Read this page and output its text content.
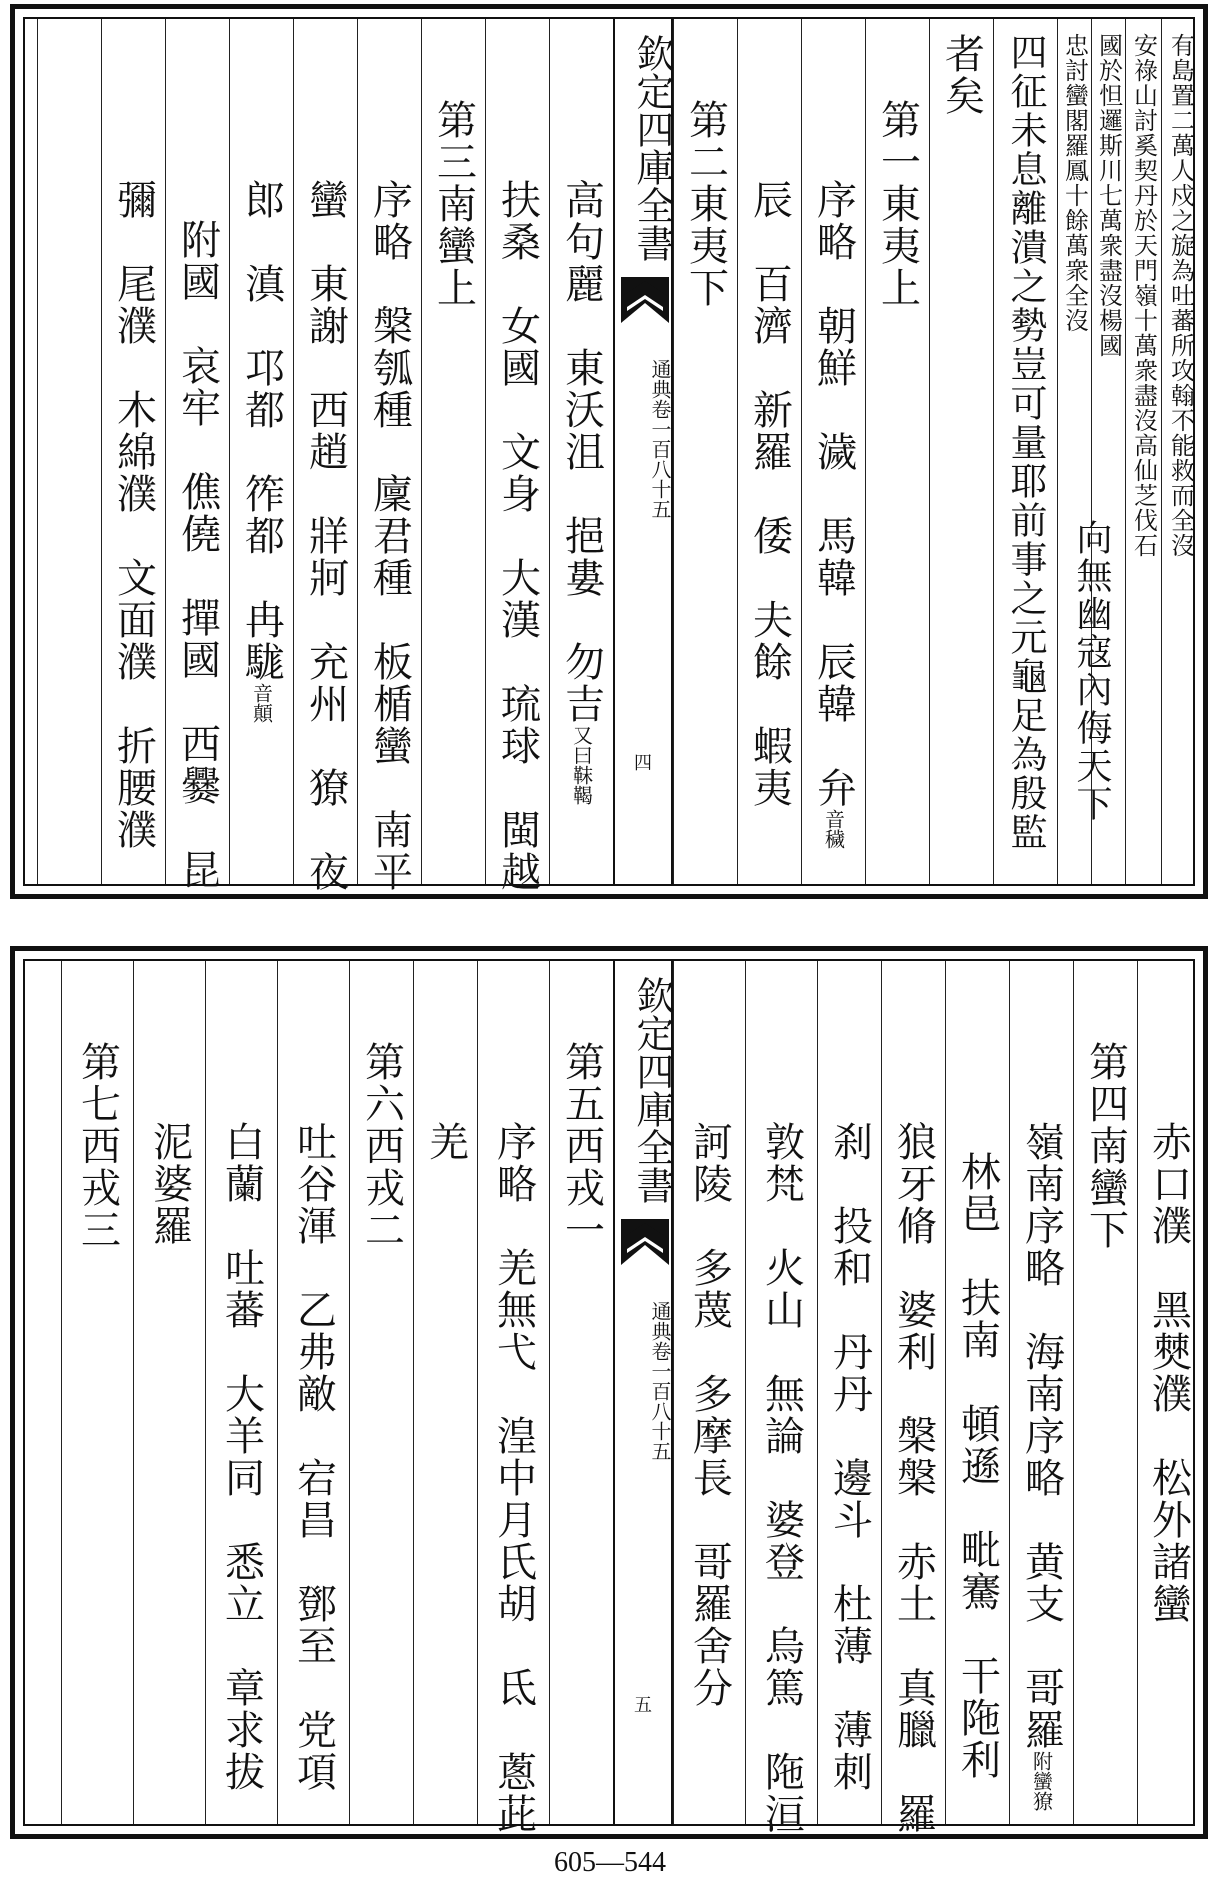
有島置二萬人戍之旋為吐蕃所攻翰不能救而全沒
安祿山討奚契丹於天門嶺十萬衆盡沒高仙芝伐石
國於怛邏斯川七萬衆盡沒楊國
忠討蠻閣羅鳳十餘萬衆全沒
向無幽寇內侮天下
四征未息離潰之勢豈可量耶前事之元龜足為殷監
者矣
第一東夷上
序略　朝鮮　濊　馬韓　辰韓　弁
音穢
辰　百濟　新羅　倭　夫餘　蝦夷
第二東夷下
欽定四庫全書
通典
卷一百八十五
四
高句麗　東沃沮　挹婁　勿吉
又曰靺鞨
扶桑　女國　文身　大漢　琉球　閩越
第三南蠻上
序略　槃瓠種　廩君種　板楯蠻　南平
蠻　東謝　西趙　牂牁　充州　獠　夜
郎　滇　邛都　筰都　冉駹
音顛
附國　哀牢　僬僥　撣國　西爨　昆
彌　尾濮　木綿濮　文面濮　折腰濮
赤口濮　黑僰濮　松外諸蠻
第四南蠻下
嶺南序略　海南序略　黄支　哥羅
附蠻獠
林邑　扶南　頓遜　毗騫　干陁利
狼牙脩　婆利　槃槃　赤土　真臘　羅
刹　投和　丹丹　邊斗　杜薄　薄刺
敦梵　火山　無論　婆登　烏篤　陁洹
訶陵　多蔑　多摩長　哥羅舍分
欽定四庫全書
通典
卷一百八十五
五
第五西戎一
序略　羌無弋　湟中月氏胡　氐　蔥茈
羌
第六西戎二
吐谷渾　乙弗敵　宕昌　鄧至　党項
白蘭　吐蕃　大羊同　悉立　章求拔
泥婆羅
第七西戎三
605—544
